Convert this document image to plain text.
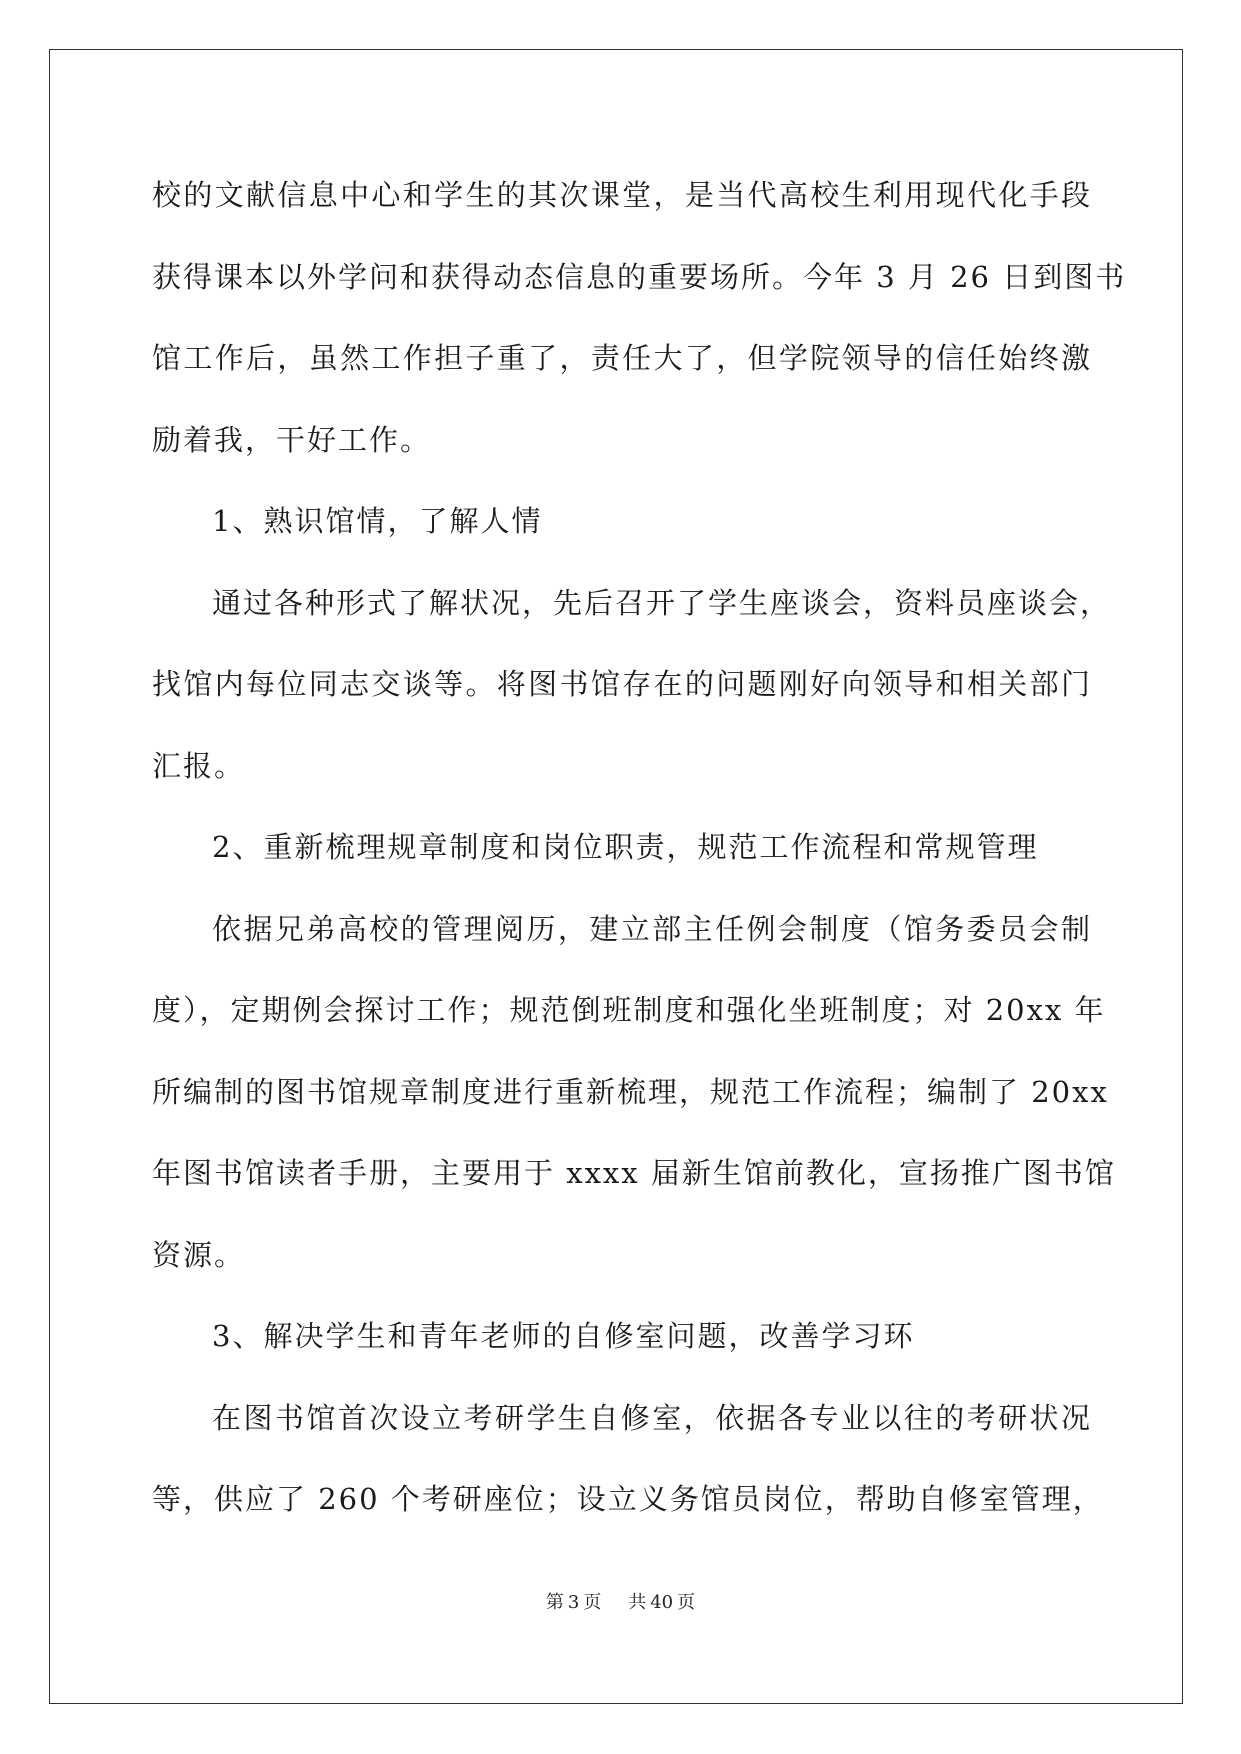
校的文献信息中心和学生的其次课堂，是当代高校生利用现代化手段
获得课本以外学问和获得动态信息的重要场所。今年 3 月 26 日到图书
馆工作后，虽然工作担子重了，责任大了，但学院领导的信任始终激
励着我，干好工作。
1、熟识馆情，了解人情
通过各种形式了解状况，先后召开了学生座谈会，资料员座谈会，
找馆内每位同志交谈等。将图书馆存在的问题刚好向领导和相关部门
汇报。
2、重新梳理规章制度和岗位职责，规范工作流程和常规管理
依据兄弟高校的管理阅历，建立部主任例会制度（馆务委员会制
度），定期例会探讨工作；规范倒班制度和强化坐班制度；对 20xx 年
所编制的图书馆规章制度进行重新梳理，规范工作流程；编制了 20xx
年图书馆读者手册，主要用于 xxxx 届新生馆前教化，宣扬推广图书馆
资源。
3、解决学生和青年老师的自修室问题，改善学习环
在图书馆首次设立考研学生自修室，依据各专业以往的考研状况
等，供应了 260 个考研座位；设立义务馆员岗位，帮助自修室管理，
第 3 页 共 40 页
